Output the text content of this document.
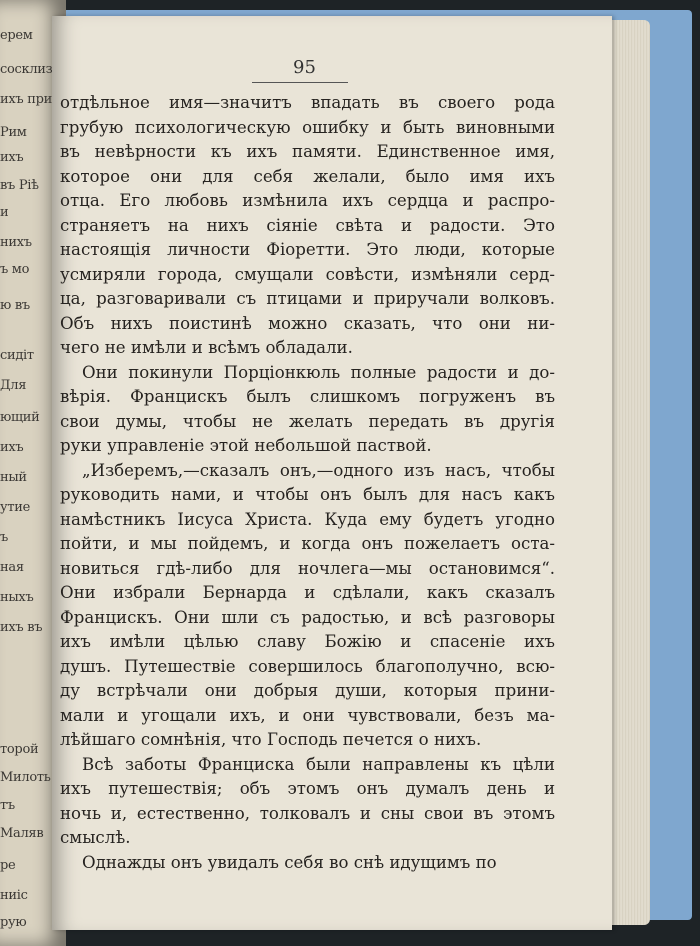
ерем
сосклиз
ихъ при
Рим
ихъ
въ Ріѣ
и
нихъ
ъ мо
ю въ
сидіт
Для
ющий
ихъ
ный
утие
ъ
ная
ныхъ
ихъ въ
торой
Милоть
тъ
Маляв
ре
ниіс
рую
95
отдѣльное имя—значитъ впадать въ своего рода
грубую психологическую ошибку и быть виновными
въ невѣрности къ ихъ памяти. Единственное имя,
которое они для себя желали, было имя ихъ
отца. Его любовь измѣнила ихъ сердца и распро-
страняетъ на нихъ сіяніе свѣта и радости. Это
настоящія личности Фіоретти. Это люди, которые
усмиряли города, смущали совѣсти, измѣняли серд-
ца, разговаривали съ птицами и приручали волковъ.
Объ нихъ поистинѣ можно сказать, что они ни-
чего не имѣли и всѣмъ обладали.
Они покинули Порціонкюль полные радости и до-
вѣрія. Францискъ былъ слишкомъ погруженъ въ
свои думы, чтобы не желать передать въ другія
руки управленіе этой небольшой паствой.
„Изберемъ,—сказалъ онъ,—одного изъ насъ, чтобы
руководить нами, и чтобы онъ былъ для насъ какъ
намѣстникъ Іисуса Христа. Куда ему будетъ угодно
пойти, и мы пойдемъ, и когда онъ пожелаетъ оста-
новиться гдѣ-либо для ночлега—мы остановимся“.
Они избрали Бернарда и сдѣлали, какъ сказалъ
Францискъ. Они шли съ радостью, и всѣ разговоры
ихъ имѣли цѣлью славу Божію и спасеніе ихъ
душъ. Путешествіе совершилось благополучно, всю-
ду встрѣчали они добрыя души, которыя прини-
мали и угощали ихъ, и они чувствовали, безъ ма-
лѣйшаго сомнѣнія, что Господь печется о нихъ.
Всѣ заботы Франциска были направлены къ цѣли
ихъ путешествія; объ этомъ онъ думалъ день и
ночь и, естественно, толковалъ и сны свои въ этомъ
смыслѣ.
Однажды онъ увидалъ себя во снѣ идущимъ по
